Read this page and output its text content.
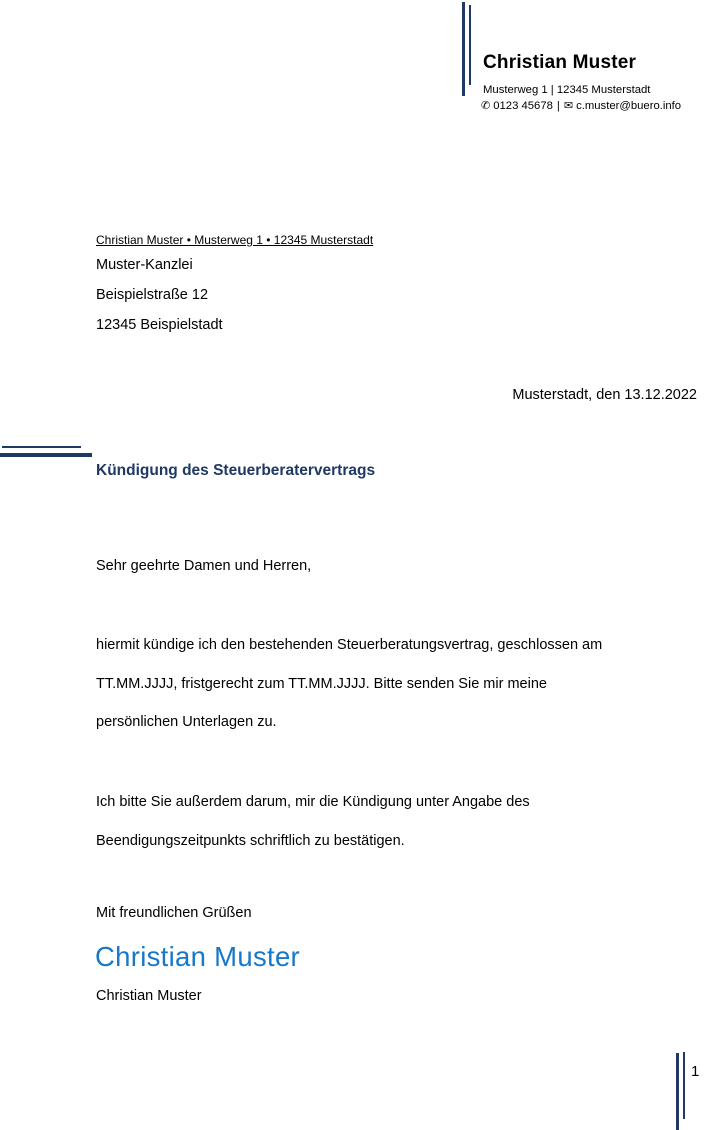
Christian Muster
Musterweg 1 | 12345 Musterstadt
✆ 0123 45678 | ✉ c.muster@buero.info
Christian Muster • Musterweg 1 • 12345 Musterstadt
Muster-Kanzlei
Beispielstraße 12
12345 Beispielstadt
Musterstadt, den 13.12.2022
Kündigung des Steuerberatervertrags
Sehr geehrte Damen und Herren,
hiermit kündige ich den bestehenden Steuerberatungsvertrag, geschlossen am
TT.MM.JJJJ, fristgerecht zum TT.MM.JJJJ. Bitte senden Sie mir meine
persönlichen Unterlagen zu.
Ich bitte Sie außerdem darum, mir die Kündigung unter Angabe des
Beendigungszeitpunkts schriftlich zu bestätigen.
Mit freundlichen Grüßen
Christian Muster
Christian Muster
1
